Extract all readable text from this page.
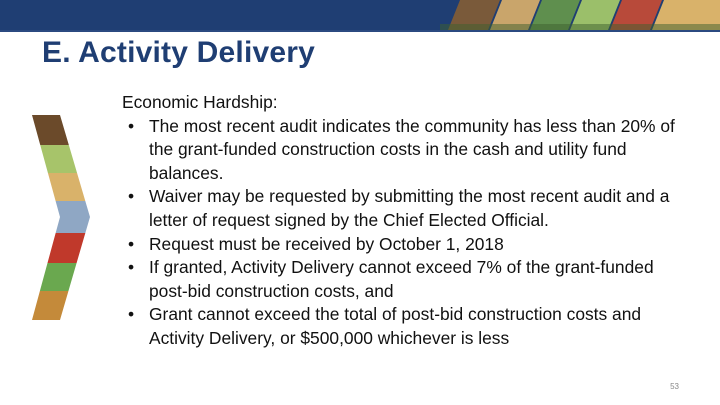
E. Activity Delivery

Economic Hardship:

• The most recent audit indicates the community has less than 20% of the grant-funded construction costs in the cash and utility fund balances.
• Waiver may be requested by submitting the most recent audit and a letter of request signed by the Chief Elected Official.
• Request must be received by October 1, 2018
• If granted, Activity Delivery cannot exceed 7% of the grant-funded post-bid construction costs, and
• Grant cannot exceed the total of post-bid construction costs and Activity Delivery, or $500,000 whichever is less
53
